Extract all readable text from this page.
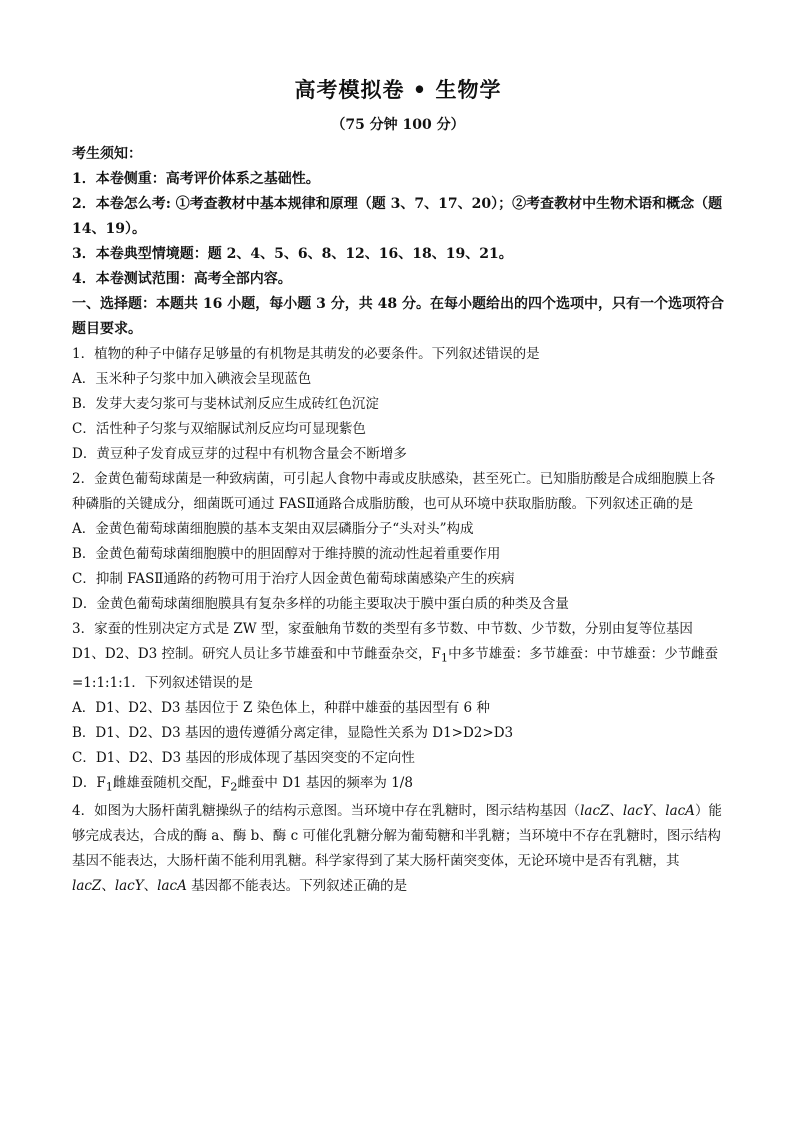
高考模拟卷 • 生物学
（75 分钟 100 分）

考生须知：

1．本卷侧重：高考评价体系之基础性。

2．本卷怎么考: ①考查教材中基本规律和原理（题 3、7、17、20）；②考查教材中生物术语和概念（题 14、19）。

3．本卷典型情境题：题 2、4、5、6、8、12、16、18、19、21。

4．本卷测试范围：高考全部内容。

一、选择题：本题共 16 小题，每小题 3 分，共 48 分。在每小题给出的四个选项中，只有一个选项符合题目要求。

1．植物的种子中储存足够量的有机物是其萌发的必要条件。下列叙述错误的是

A．玉米种子匀浆中加入碘液会呈现蓝色

B．发芽大麦匀浆可与斐林试剂反应生成砖红色沉淀

C．活性种子匀浆与双缩脲试剂反应均可显现紫色

D．黄豆种子发育成豆芽的过程中有机物含量会不断增多

2．金黄色葡萄球菌是一种致病菌，可引起人食物中毒或皮肤感染，甚至死亡。已知脂肪酸是合成细胞膜上各种磷脂的关键成分，细菌既可通过 FASⅡ通路合成脂肪酸，也可从环境中获取脂肪酸。下列叙述正确的是

A．金黄色葡萄球菌细胞膜的基本支架由双层磷脂分子“头对头”构成

B．金黄色葡萄球菌细胞膜中的胆固醇对于维持膜的流动性起着重要作用

C．抑制 FASⅡ通路的药物可用于治疗人因金黄色葡萄球菌感染产生的疾病

D．金黄色葡萄球菌细胞膜具有复杂多样的功能主要取决于膜中蛋白质的种类及含量

3．家蚕的性别决定方式是 ZW 型，家蚕触角节数的类型有多节数、中节数、少节数，分别由复等位基因 D1、D2、D3 控制。研究人员让多节雄蚕和中节雌蚕杂交，$F_1$中多节雄蚕：多节雄蚕：中节雄蚕：少节雌蚕=1:1:1:1．下列叙述错误的是

A．D1、D2、D3 基因位于 Z 染色体上，种群中雄蚕的基因型有 6 种

B．D1、D2、D3 基因的遗传遵循分离定律，显隐性关系为 D1>D2>D3

C．D1、D2、D3 基因的形成体现了基因突变的不定向性

D．$F_1$雌雄蚕随机交配，$F_2$雌蚕中 D1 基因的频率为 1/8

4．如图为大肠杆菌乳糖操纵子的结构示意图。当环境中存在乳糖时，图示结构基因（lacZ、lacY、lacA）能够完成表达，合成的酶 a、酶 b、酶 c 可催化乳糖分解为葡萄糖和半乳糖；当环境中不存在乳糖时，图示结构基因不能表达，大肠杆菌不能利用乳糖。科学家得到了某大肠杆菌突变体，无论环境中是否有乳糖，其 lacZ、lacY、lacA 基因都不能表达。下列叙述正确的是
